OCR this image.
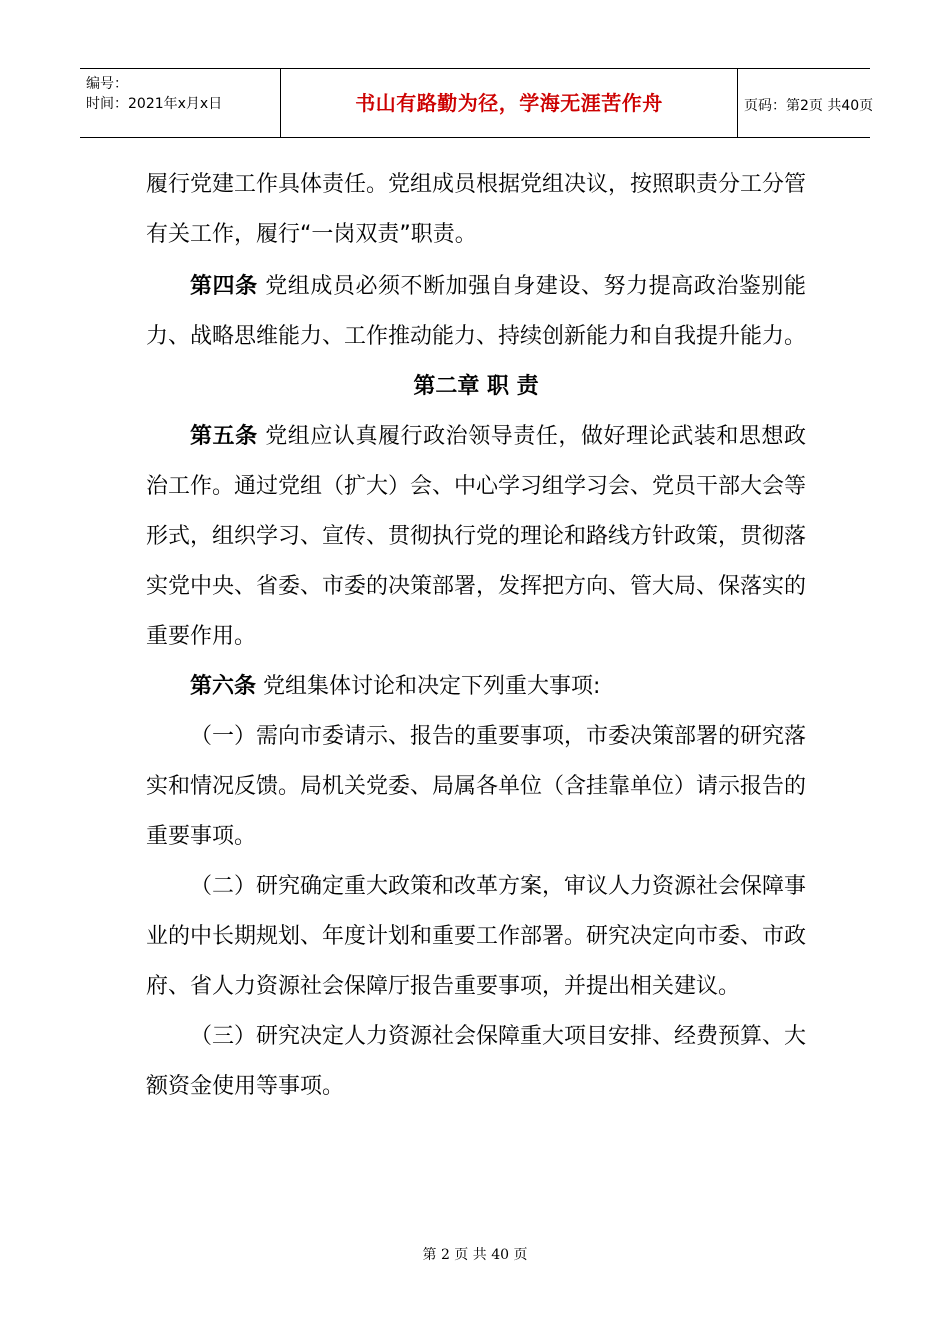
编号：
时间：2021年x月x日	书山有路勤为径，学海无涯苦作舟	页码：第2页 共40页

履行党建工作具体责任。党组成员根据党组决议，按照职责分工分管有关工作，履行“一岗双责”职责。

第四条 党组成员必须不断加强自身建设、努力提高政治鉴别能力、战略思维能力、工作推动能力、持续创新能力和自我提升能力。

第二章 职 责

第五条 党组应认真履行政治领导责任，做好理论武装和思想政治工作。通过党组（扩大）会、中心学习组学习会、党员干部大会等形式，组织学习、宣传、贯彻执行党的理论和路线方针政策，贯彻落实党中央、省委、市委的决策部署，发挥把方向、管大局、保落实的重要作用。

第六条 党组集体讨论和决定下列重大事项:

（一）需向市委请示、报告的重要事项，市委决策部署的研究落实和情况反馈。局机关党委、局属各单位（含挂靠单位）请示报告的重要事项。

（二）研究确定重大政策和改革方案，审议人力资源社会保障事业的中长期规划、年度计划和重要工作部署。研究决定向市委、市政府、省人力资源社会保障厅报告重要事项，并提出相关建议。

（三）研究决定人力资源社会保障重大项目安排、经费预算、大额资金使用等事项。

第 2 页 共 40 页
